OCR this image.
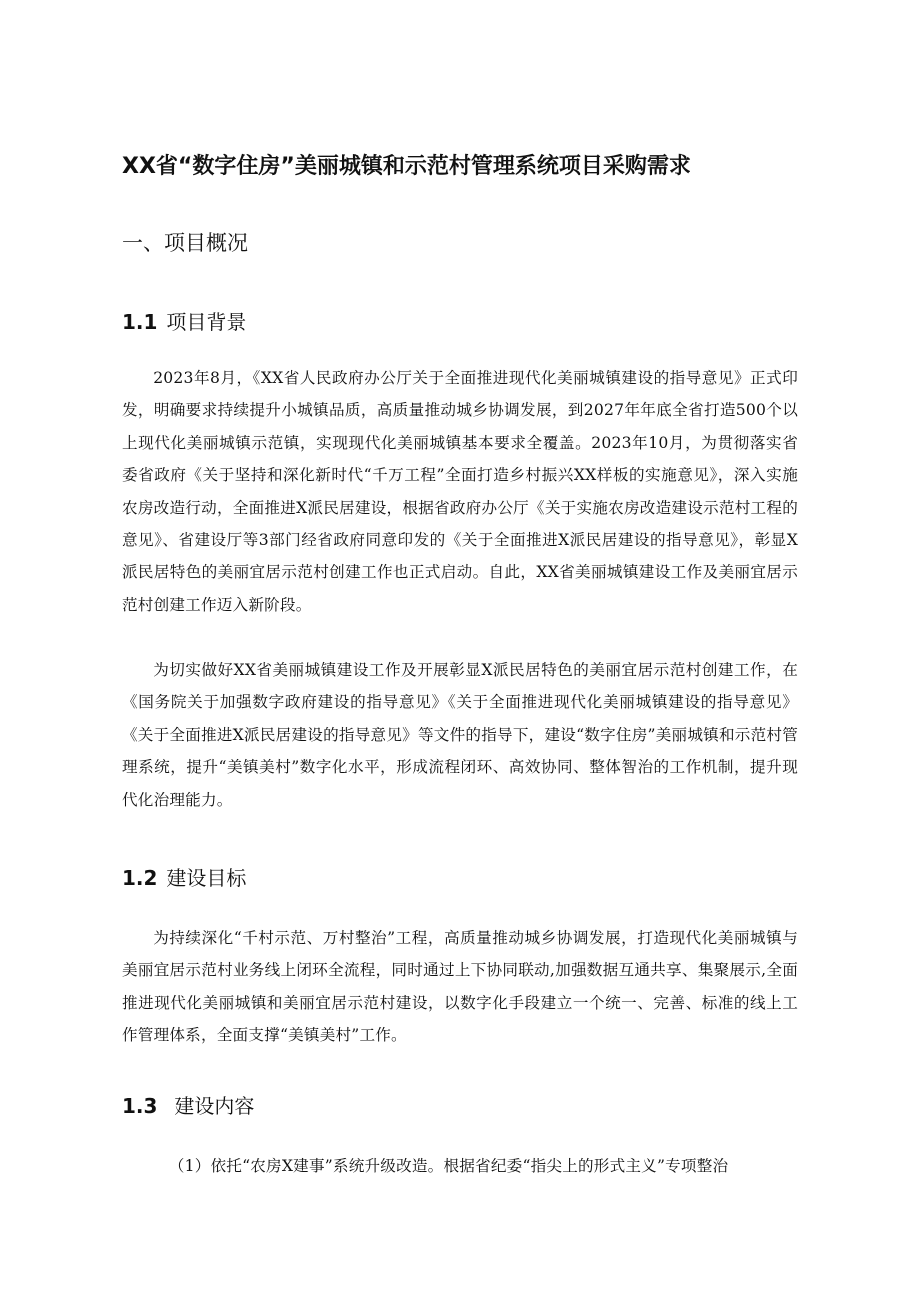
XX省“数字住房”美丽城镇和示范村管理系统项目采购需求
一、项目概况
1.1 项目背景
2023年8月，《XX省人民政府办公厅关于全面推进现代化美丽城镇建设的指导意见》正式印发，明确要求持续提升小城镇品质，高质量推动城乡协调发展，到2027年年底全省打造500个以上现代化美丽城镇示范镇，实现现代化美丽城镇基本要求全覆盖。2023年10月，为贯彻落实省委省政府《关于坚持和深化新时代“千万工程”全面打造乡村振兴XX样板的实施意见》，深入实施农房改造行动，全面推进X派民居建设，根据省政府办公厅《关于实施农房改造建设示范村工程的意见》、省建设厅等3部门经省政府同意印发的《关于全面推进X派民居建设的指导意见》，彰显X派民居特色的美丽宜居示范村创建工作也正式启动。自此，XX省美丽城镇建设工作及美丽宜居示范村创建工作迈入新阶段。
为切实做好XX省美丽城镇建设工作及开展彰显X派民居特色的美丽宜居示范村创建工作，在《国务院关于加强数字政府建设的指导意见》《关于全面推进现代化美丽城镇建设的指导意见》《关于全面推进X派民居建设的指导意见》等文件的指导下，建设“数字住房”美丽城镇和示范村管理系统，提升“美镇美村”数字化水平，形成流程闭环、高效协同、整体智治的工作机制，提升现代化治理能力。
1.2 建设目标
为持续深化“千村示范、万村整治”工程，高质量推动城乡协调发展，打造现代化美丽城镇与美丽宜居示范村业务线上闭环全流程，同时通过上下协同联动,加强数据互通共享、集聚展示,全面推进现代化美丽城镇和美丽宜居示范村建设，以数字化手段建立一个统一、完善、标准的线上工作管理体系，全面支撑“美镇美村”工作。
1.3 建设内容
（1）依托“农房X建事”系统升级改造。根据省纪委“指尖上的形式主义”专项整治
